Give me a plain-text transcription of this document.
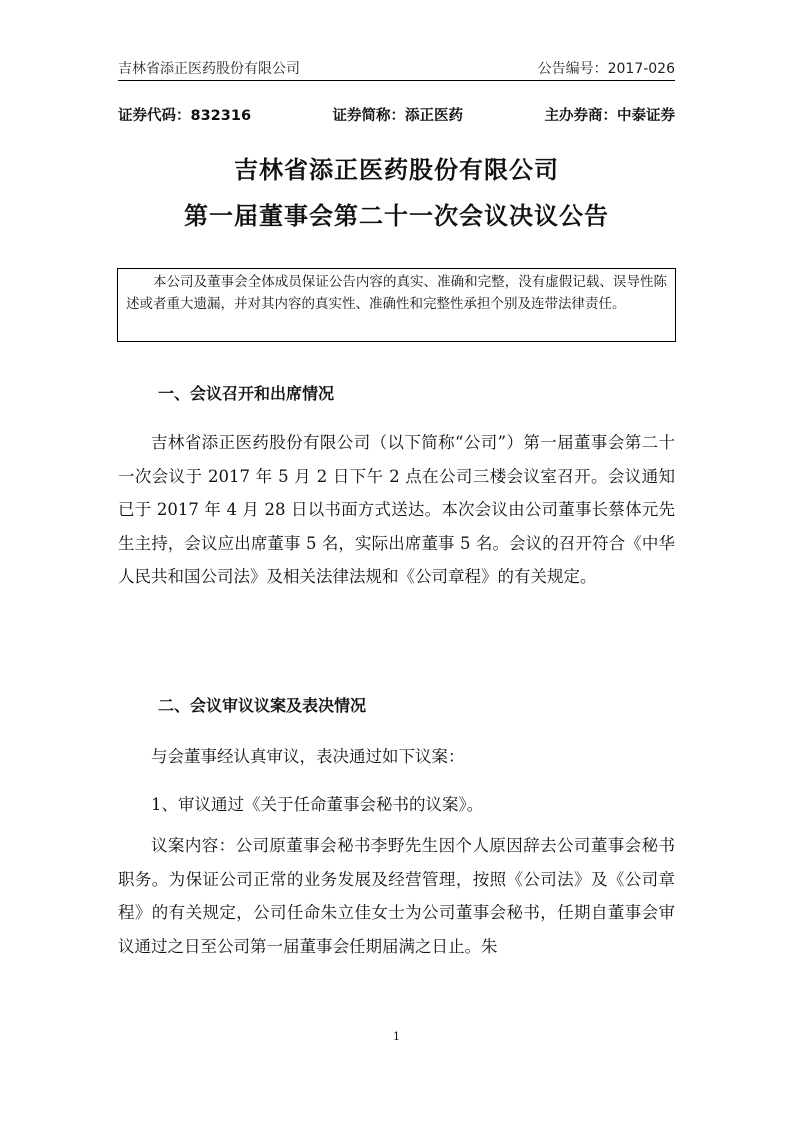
吉林省添正医药股份有限公司	公告编号：2017-026
证券代码：832316	证券简称：添正医药	主办券商：中泰证券
吉林省添正医药股份有限公司
第一届董事会第二十一次会议决议公告
本公司及董事会全体成员保证公告内容的真实、准确和完整，没有虚假记载、误导性陈述或者重大遗漏，并对其内容的真实性、准确性和完整性承担个别及连带法律责任。
一、会议召开和出席情况
吉林省添正医药股份有限公司（以下简称“公司”）第一届董事会第二十一次会议于 2017 年 5 月 2 日下午 2 点在公司三楼会议室召开。会议通知已于 2017 年 4 月 28 日以书面方式送达。本次会议由公司董事长蔡体元先生主持，会议应出席董事 5 名，实际出席董事 5 名。会议的召开符合《中华人民共和国公司法》及相关法律法规和《公司章程》的有关规定。
二、会议审议议案及表决情况
与会董事经认真审议，表决通过如下议案：
1、审议通过《关于任命董事会秘书的议案》。
议案内容：公司原董事会秘书李野先生因个人原因辞去公司董事会秘书职务。为保证公司正常的业务发展及经营管理，按照《公司法》及《公司章程》的有关规定，公司任命朱立佳女士为公司董事会秘书，任期自董事会审议通过之日至公司第一届董事会任期届满之日止。朱
1
